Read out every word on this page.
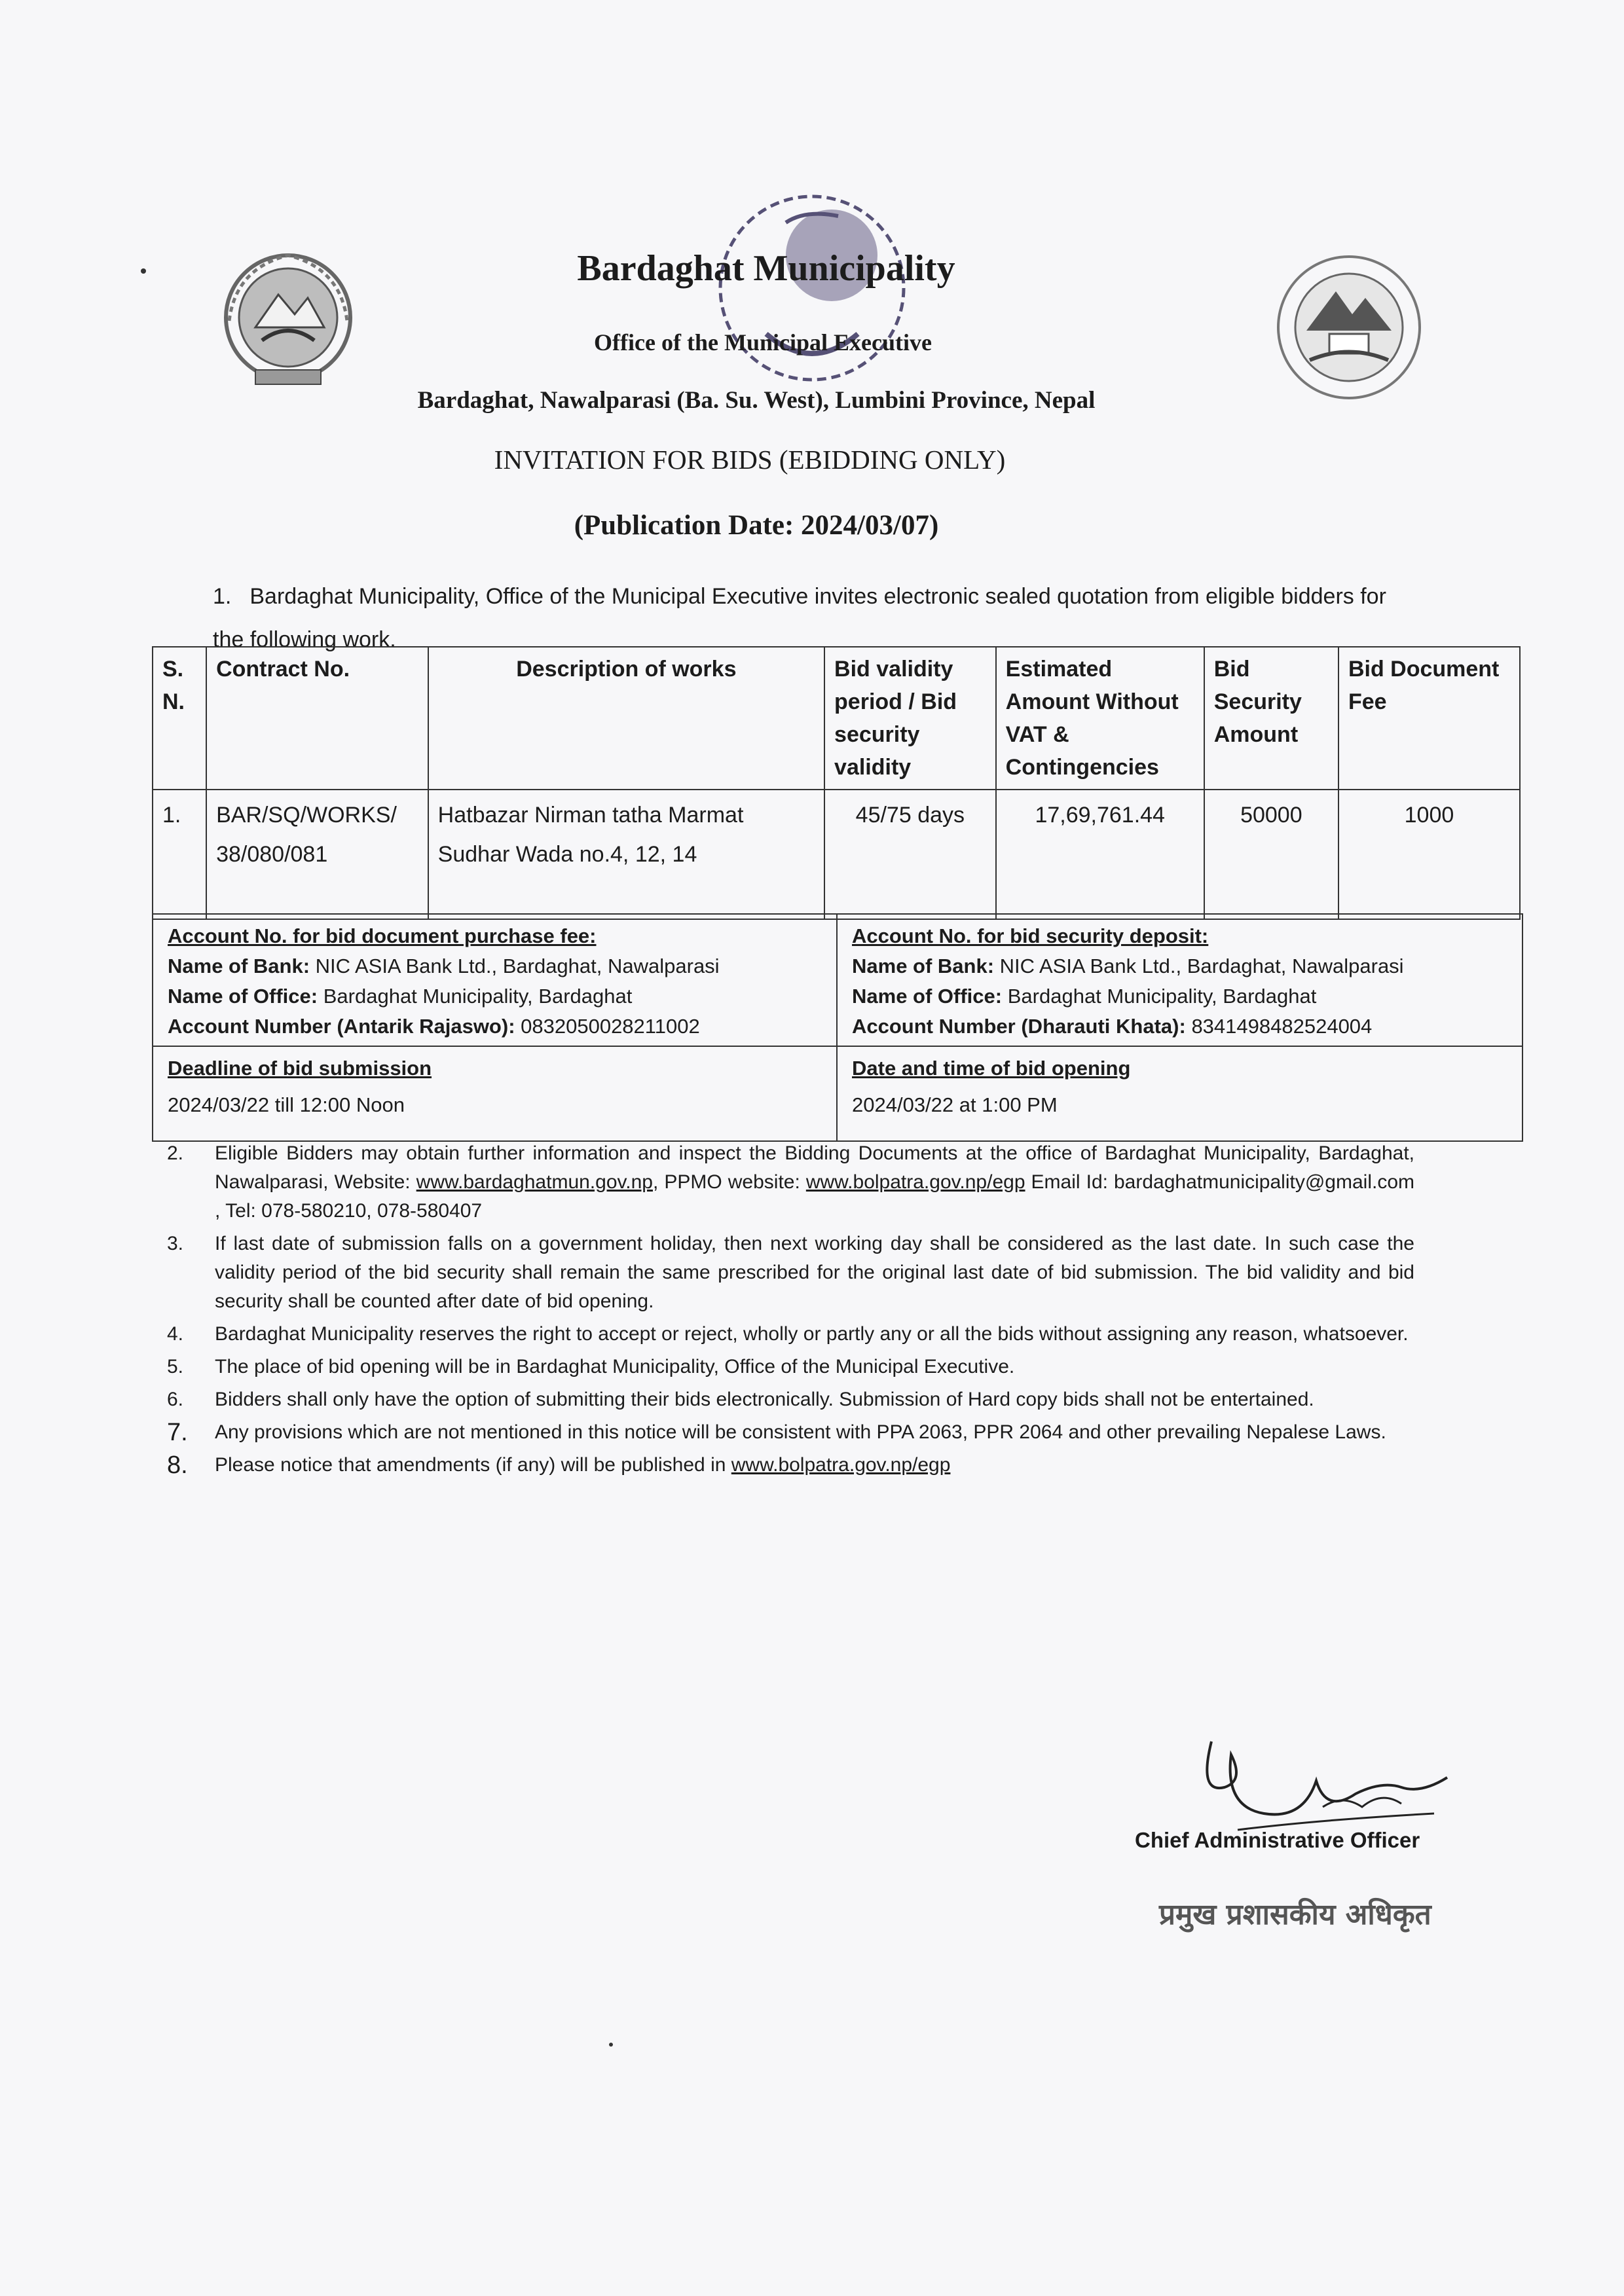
Bardaghat Municipality
Office of the Municipal Executive
Bardaghat, Nawalparasi (Ba. Su. West), Lumbini Province, Nepal
INVITATION FOR BIDS (EBIDDING ONLY)
(Publication Date: 2024/03/07)
1. Bardaghat Municipality, Office of the Municipal Executive invites electronic sealed quotation from eligible bidders for the following work.
S. N.	Contract No.	Description of works	Bid validity period / Bid security validity	Estimated Amount Without VAT & Contingencies	Bid Security Amount	Bid Document Fee
1.	BAR/SQ/WORKS/ 38/080/081	Hatbazar Nirman tatha Marmat Sudhar Wada no.4, 12, 14	45/75 days	17,69,761.44	50000	1000
Account No. for bid document purchase fee:
Name of Bank: NIC ASIA Bank Ltd., Bardaghat, Nawalparasi
Name of Office: Bardaghat Municipality, Bardaghat
Account Number (Antarik Rajaswo): 0832050028211002
Account No. for bid security deposit:
Name of Bank: NIC ASIA Bank Ltd., Bardaghat, Nawalparasi
Name of Office: Bardaghat Municipality, Bardaghat
Account Number (Dharauti Khata): 8341498482524004
Deadline of bid submission
2024/03/22 till 12:00 Noon
Date and time of bid opening
2024/03/22 at 1:00 PM
2.	Eligible Bidders may obtain further information and inspect the Bidding Documents at the office of Bardaghat Municipality, Bardaghat, Nawalparasi, Website: www.bardaghatmun.gov.np, PPMO website: www.bolpatra.gov.np/egp Email Id: bardaghatmunicipality@gmail.com , Tel: 078-580210, 078-580407
3.	If last date of submission falls on a government holiday, then next working day shall be considered as the last date. In such case the validity period of the bid security shall remain the same prescribed for the original last date of bid submission. The bid validity and bid security shall be counted after date of bid opening.
4.	Bardaghat Municipality reserves the right to accept or reject, wholly or partly any or all the bids without assigning any reason, whatsoever.
5.	The place of bid opening will be in Bardaghat Municipality, Office of the Municipal Executive.
6.	Bidders shall only have the option of submitting their bids electronically. Submission of Hard copy bids shall not be entertained.
7.	Any provisions which are not mentioned in this notice will be consistent with PPA 2063, PPR 2064 and other prevailing Nepalese Laws.
8.	Please notice that amendments (if any) will be published in www.bolpatra.gov.np/egp
Chief Administrative Officer
प्रमुख प्रशासकीय अधिकृत
